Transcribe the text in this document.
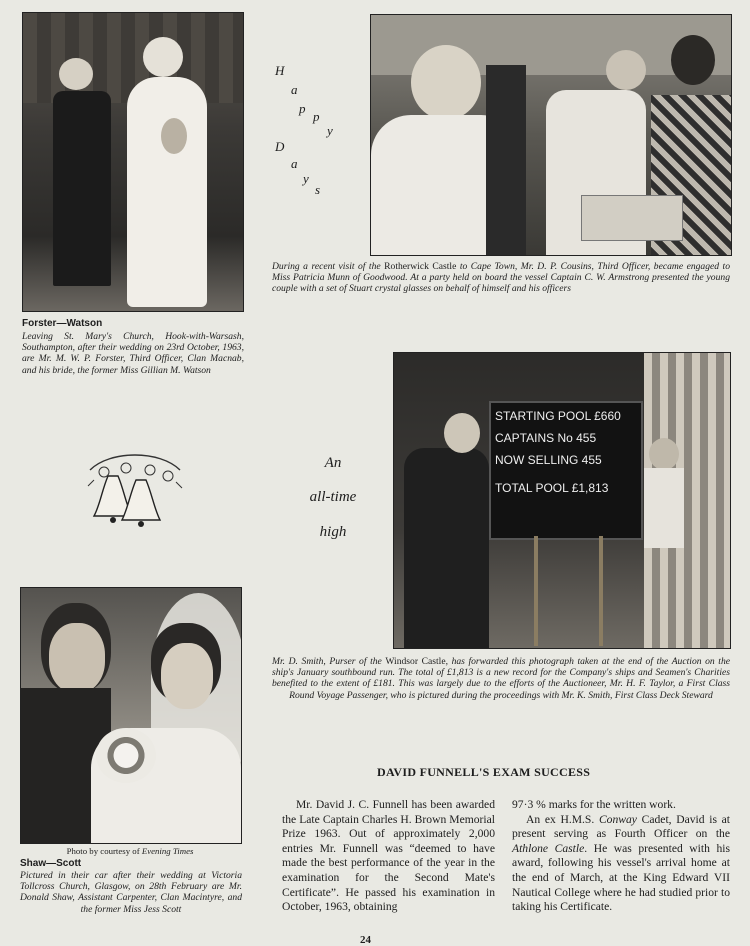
H
a
p
p
y
D
a
y
s
During a recent visit of the Rotherwick Castle to Cape Town, Mr. D. P. Cousins, Third Officer, became engaged to Miss Patricia Munn of Goodwood. At a party held on board the vessel Captain C. W. Armstrong presented the young couple with a set of Stuart crystal glasses on behalf of himself and his officers
Forster—Watson
Leaving St. Mary's Church, Hook-with-Warsash, Southampton, after their wedding on 23rd October, 1963, are Mr. M. W. P. Forster, Third Officer, Clan Macnab, and his bride, the former Miss Gillian M. Watson
An
all-time
high
STARTING POOL £660
CAPTAINS No 455
NOW SELLING 455
TOTAL POOL £1,813
Mr. D. Smith, Purser of the Windsor Castle, has forwarded this photograph taken at the end of the Auction on the ship's January southbound run. The total of £1,813 is a new record for the Company's ships and Seamen's Charities benefited to the extent of £181. This was largely due to the efforts of the Auctioneer, Mr. H. F. Taylor, a First Class Round Voyage Passenger, who is pictured during the proceedings with Mr. K. Smith, First Class Deck Steward
Photo by courtesy of Evening Times
Shaw—Scott
Pictured in their car after their wedding at Victoria Tollcross Church, Glasgow, on 28th February are Mr. Donald Shaw, Assistant Carpenter, Clan Macintyre, and the former Miss Jess Scott
DAVID FUNNELL'S EXAM SUCCESS

Mr. David J. C. Funnell has been awarded the Late Captain Charles H. Brown Memorial Prize 1963. Out of approximately 2,000 entries Mr. Funnell was “deemed to have made the best performance of the year in the examination for the Second Mate's Certificate”. He passed his examination in October, 1963, obtaining

97·3 % marks for the written work.

An ex H.M.S. Conway Cadet, David is at present serving as Fourth Officer on the Athlone Castle. He was presented with his award, following his vessel's arrival home at the end of March, at the King Edward VII Nautical College where he had studied prior to taking his Certificate.

24
